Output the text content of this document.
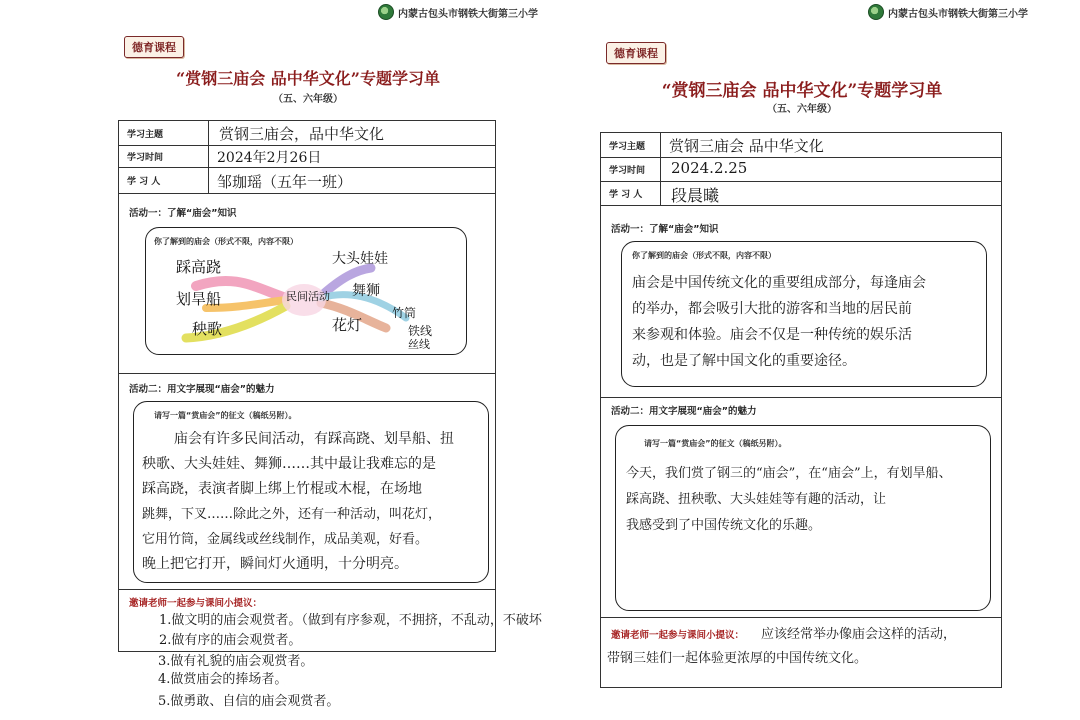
内蒙古包头市钢铁大街第三小学
德育课程
“赏钢三庙会 品中华文化”专题学习单
（五、六年级）
学习主题	赏钢三庙会，品中华文化
学习时间	2024年2月26日
学 习 人	邹珈瑶（五年一班）
活动一：了解“庙会”知识
你了解到的庙会（形式不限，内容不限）
民间活动
踩高跷
划旱船
秧歌
大头娃娃
舞狮
花灯
竹筒
铁线
丝线
活动二：用文字展现“庙会”的魅力
请写一篇“赏庙会”的征文（稿纸另附）。
庙会有许多民间活动，有踩高跷、划旱船、扭
秧歌、大头娃娃、舞狮……其中最让我难忘的是
踩高跷，表演者脚上绑上竹棍或木棍，在场地
跳舞，下叉……除此之外，还有一种活动，叫花灯，
它用竹筒，金属线或丝线制作，成品美观，好看。
晚上把它打开，瞬间灯火通明，十分明亮。
邀请老师一起参与课间小提议：
1.做文明的庙会观赏者。（做到有序参观，不拥挤，不乱动，不破坏
2.做有序的庙会观赏者。
3.做有礼貌的庙会观赏者。
4.做赏庙会的捧场者。
5.做勇敢、自信的庙会观赏者。
内蒙古包头市钢铁大街第三小学
德育课程
“赏钢三庙会 品中华文化”专题学习单
（五、六年级）
学习主题	赏钢三庙会 品中华文化
学习时间	2024.2.25
学 习 人	段晨曦
活动一：了解“庙会”知识
你了解到的庙会（形式不限，内容不限）
庙会是中国传统文化的重要组成部分，每逢庙会
的举办，都会吸引大批的游客和当地的居民前
来参观和体验。庙会不仅是一种传统的娱乐活
动，也是了解中国文化的重要途径。
活动二：用文字展现“庙会”的魅力
请写一篇“赏庙会”的征文（稿纸另附）。
今天，我们赏了钢三的“庙会”，在“庙会”上，有划旱船、
踩高跷、扭秧歌、大头娃娃等有趣的活动，让
我感受到了中国传统文化的乐趣。
邀请老师一起参与课间小提议： 应该经常举办像庙会这样的活动，
带钢三娃们一起体验更浓厚的中国传统文化。
